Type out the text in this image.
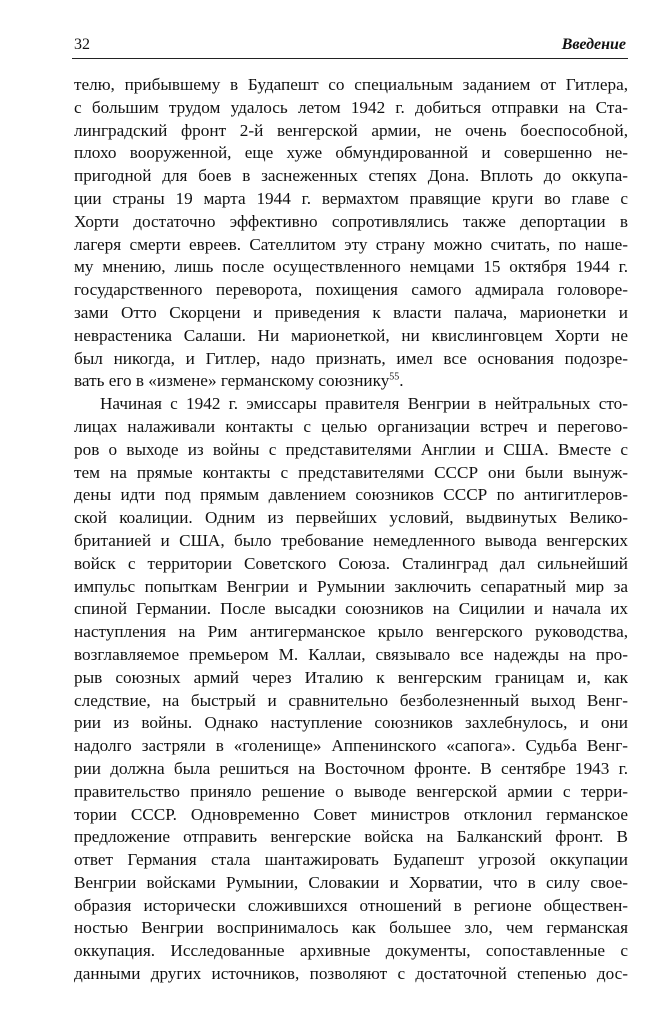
32	Введение
телю, прибывшему в Будапешт со специальным заданием от Гитлера,
с большим трудом удалось летом 1942 г. добиться отправки на Ста-
линградский фронт 2-й венгерской армии, не очень боеспособной,
плохо вооруженной, еще хуже обмундированной и совершенно не-
пригодной для боев в заснеженных степях Дона. Вплоть до оккупа-
ции страны 19 марта 1944 г. вермахтом правящие круги во главе с
Хорти достаточно эффективно сопротивлялись также депортации в
лагеря смерти евреев. Сателлитом эту страну можно считать, по наше-
му мнению, лишь после осуществленного немцами 15 октября 1944 г.
государственного переворота, похищения самого адмирала головоре-
зами Отто Скорцени и приведения к власти палача, марионетки и
неврастеника Салаши. Ни марионеткой, ни квислинговцем Хорти не
был никогда, и Гитлер, надо признать, имел все основания подозре-
вать его в «измене» германскому союзнику$^{55}$.
Начиная с 1942 г. эмиссары правителя Венгрии в нейтральных сто-
лицах налаживали контакты с целью организации встреч и перегово-
ров о выходе из войны с представителями Англии и США. Вместе с
тем на прямые контакты с представителями СССР они были вынуж-
дены идти под прямым давлением союзников СССР по антигитлеров-
ской коалиции. Одним из первейших условий, выдвинутых Велико-
британией и США, было требование немедленного вывода венгерских
войск с территории Советского Союза. Сталинград дал сильнейший
импульс попыткам Венгрии и Румынии заключить сепаратный мир за
спиной Германии. После высадки союзников на Сицилии и начала их
наступления на Рим антигерманское крыло венгерского руководства,
возглавляемое премьером М. Каллаи, связывало все надежды на про-
рыв союзных армий через Италию к венгерским границам и, как
следствие, на быстрый и сравнительно безболезненный выход Венг-
рии из войны. Однако наступление союзников захлебнулось, и они
надолго застряли в «голенище» Аппенинского «сапога». Судьба Венг-
рии должна была решиться на Восточном фронте. В сентябре 1943 г.
правительство приняло решение о выводе венгерской армии с терри-
тории СССР. Одновременно Совет министров отклонил германское
предложение отправить венгерские войска на Балканский фронт. В
ответ Германия стала шантажировать Будапешт угрозой оккупации
Венгрии войсками Румынии, Словакии и Хорватии, что в силу свое-
образия исторически сложившихся отношений в регионе обществен-
ностью Венгрии воспринималось как большее зло, чем германская
оккупация. Исследованные архивные документы, сопоставленные с
данными других источников, позволяют с достаточной степенью дос-
